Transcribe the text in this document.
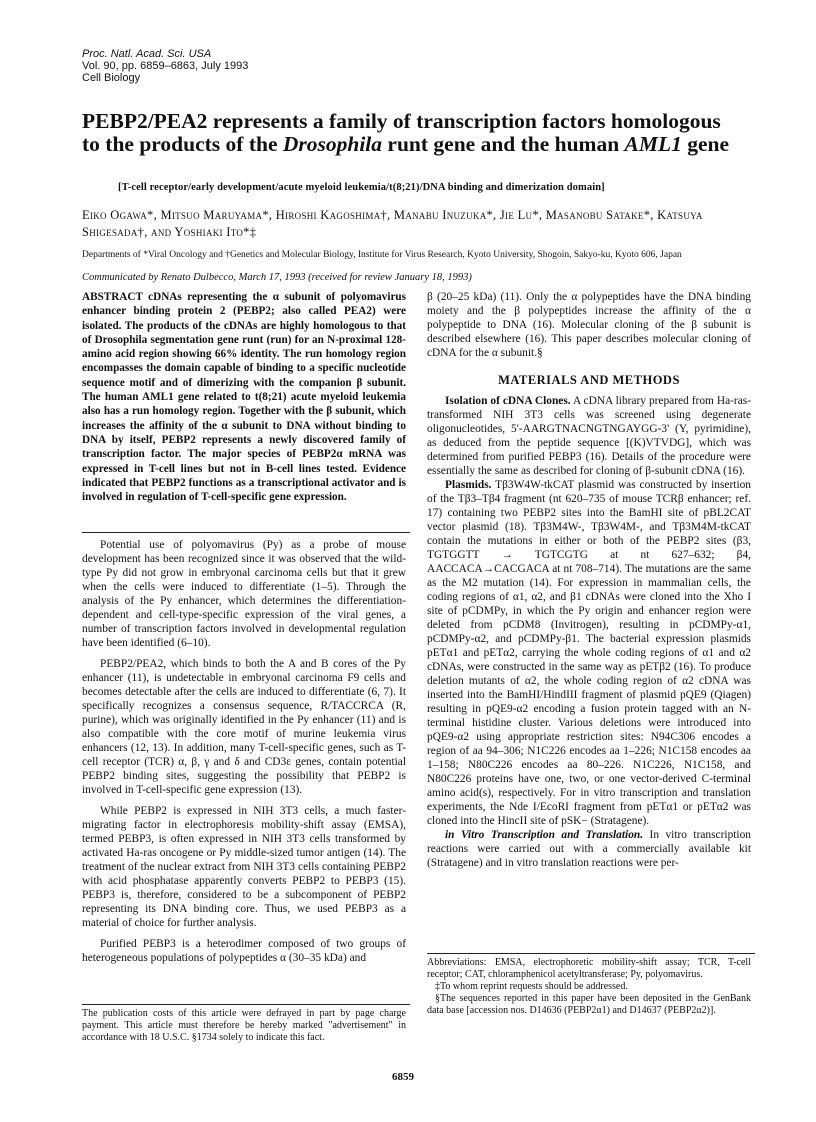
Proc. Natl. Acad. Sci. USA
Vol. 90, pp. 6859–6863, July 1993
Cell Biology
PEBP2/PEA2 represents a family of transcription factors homologous to the products of the Drosophila runt gene and the human AML1 gene
[T-cell receptor/early development/acute myeloid leukemia/t(8;21)/DNA binding and dimerization domain]
Eiko Ogawa*, Mitsuo Maruyama*, Hiroshi Kagoshima†, Manabu Inuzuka*, Jie Lu*, Masanobu Satake*, Katsuya Shigesada†, and Yoshiaki Ito*‡
Departments of *Viral Oncology and †Genetics and Molecular Biology, Institute for Virus Research, Kyoto University, Shogoin, Sakyo-ku, Kyoto 606, Japan
Communicated by Renato Dulbecco, March 17, 1993 (received for review January 18, 1993)

ABSTRACT cDNAs representing the α subunit of polyomavirus enhancer binding protein 2 (PEBP2; also called PEA2) were isolated. The products of the cDNAs are highly homologous to that of Drosophila segmentation gene runt (run) for an N-proximal 128-amino acid region showing 66% identity. The run homology region encompasses the domain capable of binding to a specific nucleotide sequence motif and of dimerizing with the companion β subunit. The human AML1 gene related to t(8;21) acute myeloid leukemia also has a run homology region. Together with the β subunit, which increases the affinity of the α subunit to DNA without binding to DNA by itself, PEBP2 represents a newly discovered family of transcription factor. The major species of PEBP2α mRNA was expressed in T-cell lines but not in B-cell lines tested. Evidence indicated that PEBP2 functions as a transcriptional activator and is involved in regulation of T-cell-specific gene expression.

Potential use of polyomavirus (Py) as a probe of mouse development has been recognized since it was observed that the wild-type Py did not grow in embryonal carcinoma cells but that it grew when the cells were induced to differentiate (1–5). Through the analysis of the Py enhancer, which determines the differentiation-dependent and cell-type-specific expression of the viral genes, a number of transcription factors involved in developmental regulation have been identified (6–10).

PEBP2/PEA2, which binds to both the A and B cores of the Py enhancer (11), is undetectable in embryonal carcinoma F9 cells and becomes detectable after the cells are induced to differentiate (6, 7). It specifically recognizes a consensus sequence, R/TACCRCA (R, purine), which was originally identified in the Py enhancer (11) and is also compatible with the core motif of murine leukemia virus enhancers (12, 13). In addition, many T-cell-specific genes, such as T-cell receptor (TCR) α, β, γ and δ and CD3ε genes, contain potential PEBP2 binding sites, suggesting the possibility that PEBP2 is involved in T-cell-specific gene expression (13).

While PEBP2 is expressed in NIH 3T3 cells, a much faster-migrating factor in electrophoresis mobility-shift assay (EMSA), termed PEBP3, is often expressed in NIH 3T3 cells transformed by activated Ha-ras oncogene or Py middle-sized tumor antigen (14). The treatment of the nuclear extract from NIH 3T3 cells containing PEBP2 with acid phosphatase apparently converts PEBP2 to PEBP3 (15). PEBP3 is, therefore, considered to be a subcomponent of PEBP2 representing its DNA binding core. Thus, we used PEBP3 as a material of choice for further analysis.

Purified PEBP3 is a heterodimer composed of two groups of heterogeneous populations of polypeptides α (30–35 kDa) and

The publication costs of this article were defrayed in part by page charge payment. This article must therefore be hereby marked "advertisement" in accordance with 18 U.S.C. §1734 solely to indicate this fact.

β (20–25 kDa) (11). Only the α polypeptides have the DNA binding moiety and the β polypeptides increase the affinity of the α polypeptide to DNA (16). Molecular cloning of the β subunit is described elsewhere (16). This paper describes molecular cloning of cDNA for the α subunit.§

MATERIALS AND METHODS

Isolation of cDNA Clones. A cDNA library prepared from Ha-ras-transformed NIH 3T3 cells was screened using degenerate oligonucleotides, 5'-AARGTNACNGTNGAYGG-3' (Y, pyrimidine), as deduced from the peptide sequence [(K)VTVDG], which was determined from purified PEBP3 (16). Details of the procedure were essentially the same as described for cloning of β-subunit cDNA (16).

Plasmids. Tβ3W4W-tkCAT plasmid was constructed by insertion of the Tβ3–Tβ4 fragment (nt 620–735 of mouse TCRβ enhancer; ref. 17) containing two PEBP2 sites into the BamHI site of pBL2CAT vector plasmid (18). Tβ3M4W-, Tβ3W4M-, and Tβ3M4M-tkCAT contain the mutations in either or both of the PEBP2 sites (β3, TGTGGTT → TGTCGTG at nt 627–632; β4, AACCACA→CACGACA at nt 708–714). The mutations are the same as the M2 mutation (14). For expression in mammalian cells, the coding regions of α1, α2, and β1 cDNAs were cloned into the Xho I site of pCDMPy, in which the Py origin and enhancer region were deleted from pCDM8 (Invitrogen), resulting in pCDMPy-α1, pCDMPy-α2, and pCDMPy-β1. The bacterial expression plasmids pETα1 and pETα2, carrying the whole coding regions of α1 and α2 cDNAs, were constructed in the same way as pETβ2 (16). To produce deletion mutants of α2, the whole coding region of α2 cDNA was inserted into the BamHI/HindIII fragment of plasmid pQE9 (Qiagen) resulting in pQE9-α2 encoding a fusion protein tagged with an N-terminal histidine cluster. Various deletions were introduced into pQE9-α2 using appropriate restriction sites: N94C306 encodes a region of aa 94–306; N1C226 encodes aa 1–226; N1C158 encodes aa 1–158; N80C226 encodes aa 80–226. N1C226, N1C158, and N80C226 proteins have one, two, or one vector-derived C-terminal amino acid(s), respectively. For in vitro transcription and translation experiments, the Nde I/EcoRI fragment from pETα1 or pETα2 was cloned into the HincII site of pSK− (Stratagene).

in Vitro Transcription and Translation. In vitro transcription reactions were carried out with a commercially available kit (Stratagene) and in vitro translation reactions were per-

Abbreviations: EMSA, electrophoretic mobility-shift assay; TCR, T-cell receptor; CAT, chloramphenicol acetyltransferase; Py, polyomavirus.

‡To whom reprint requests should be addressed.

§The sequences reported in this paper have been deposited in the GenBank data base [accession nos. D14636 (PEBP2α1) and D14637 (PEBP2α2)].

6859
